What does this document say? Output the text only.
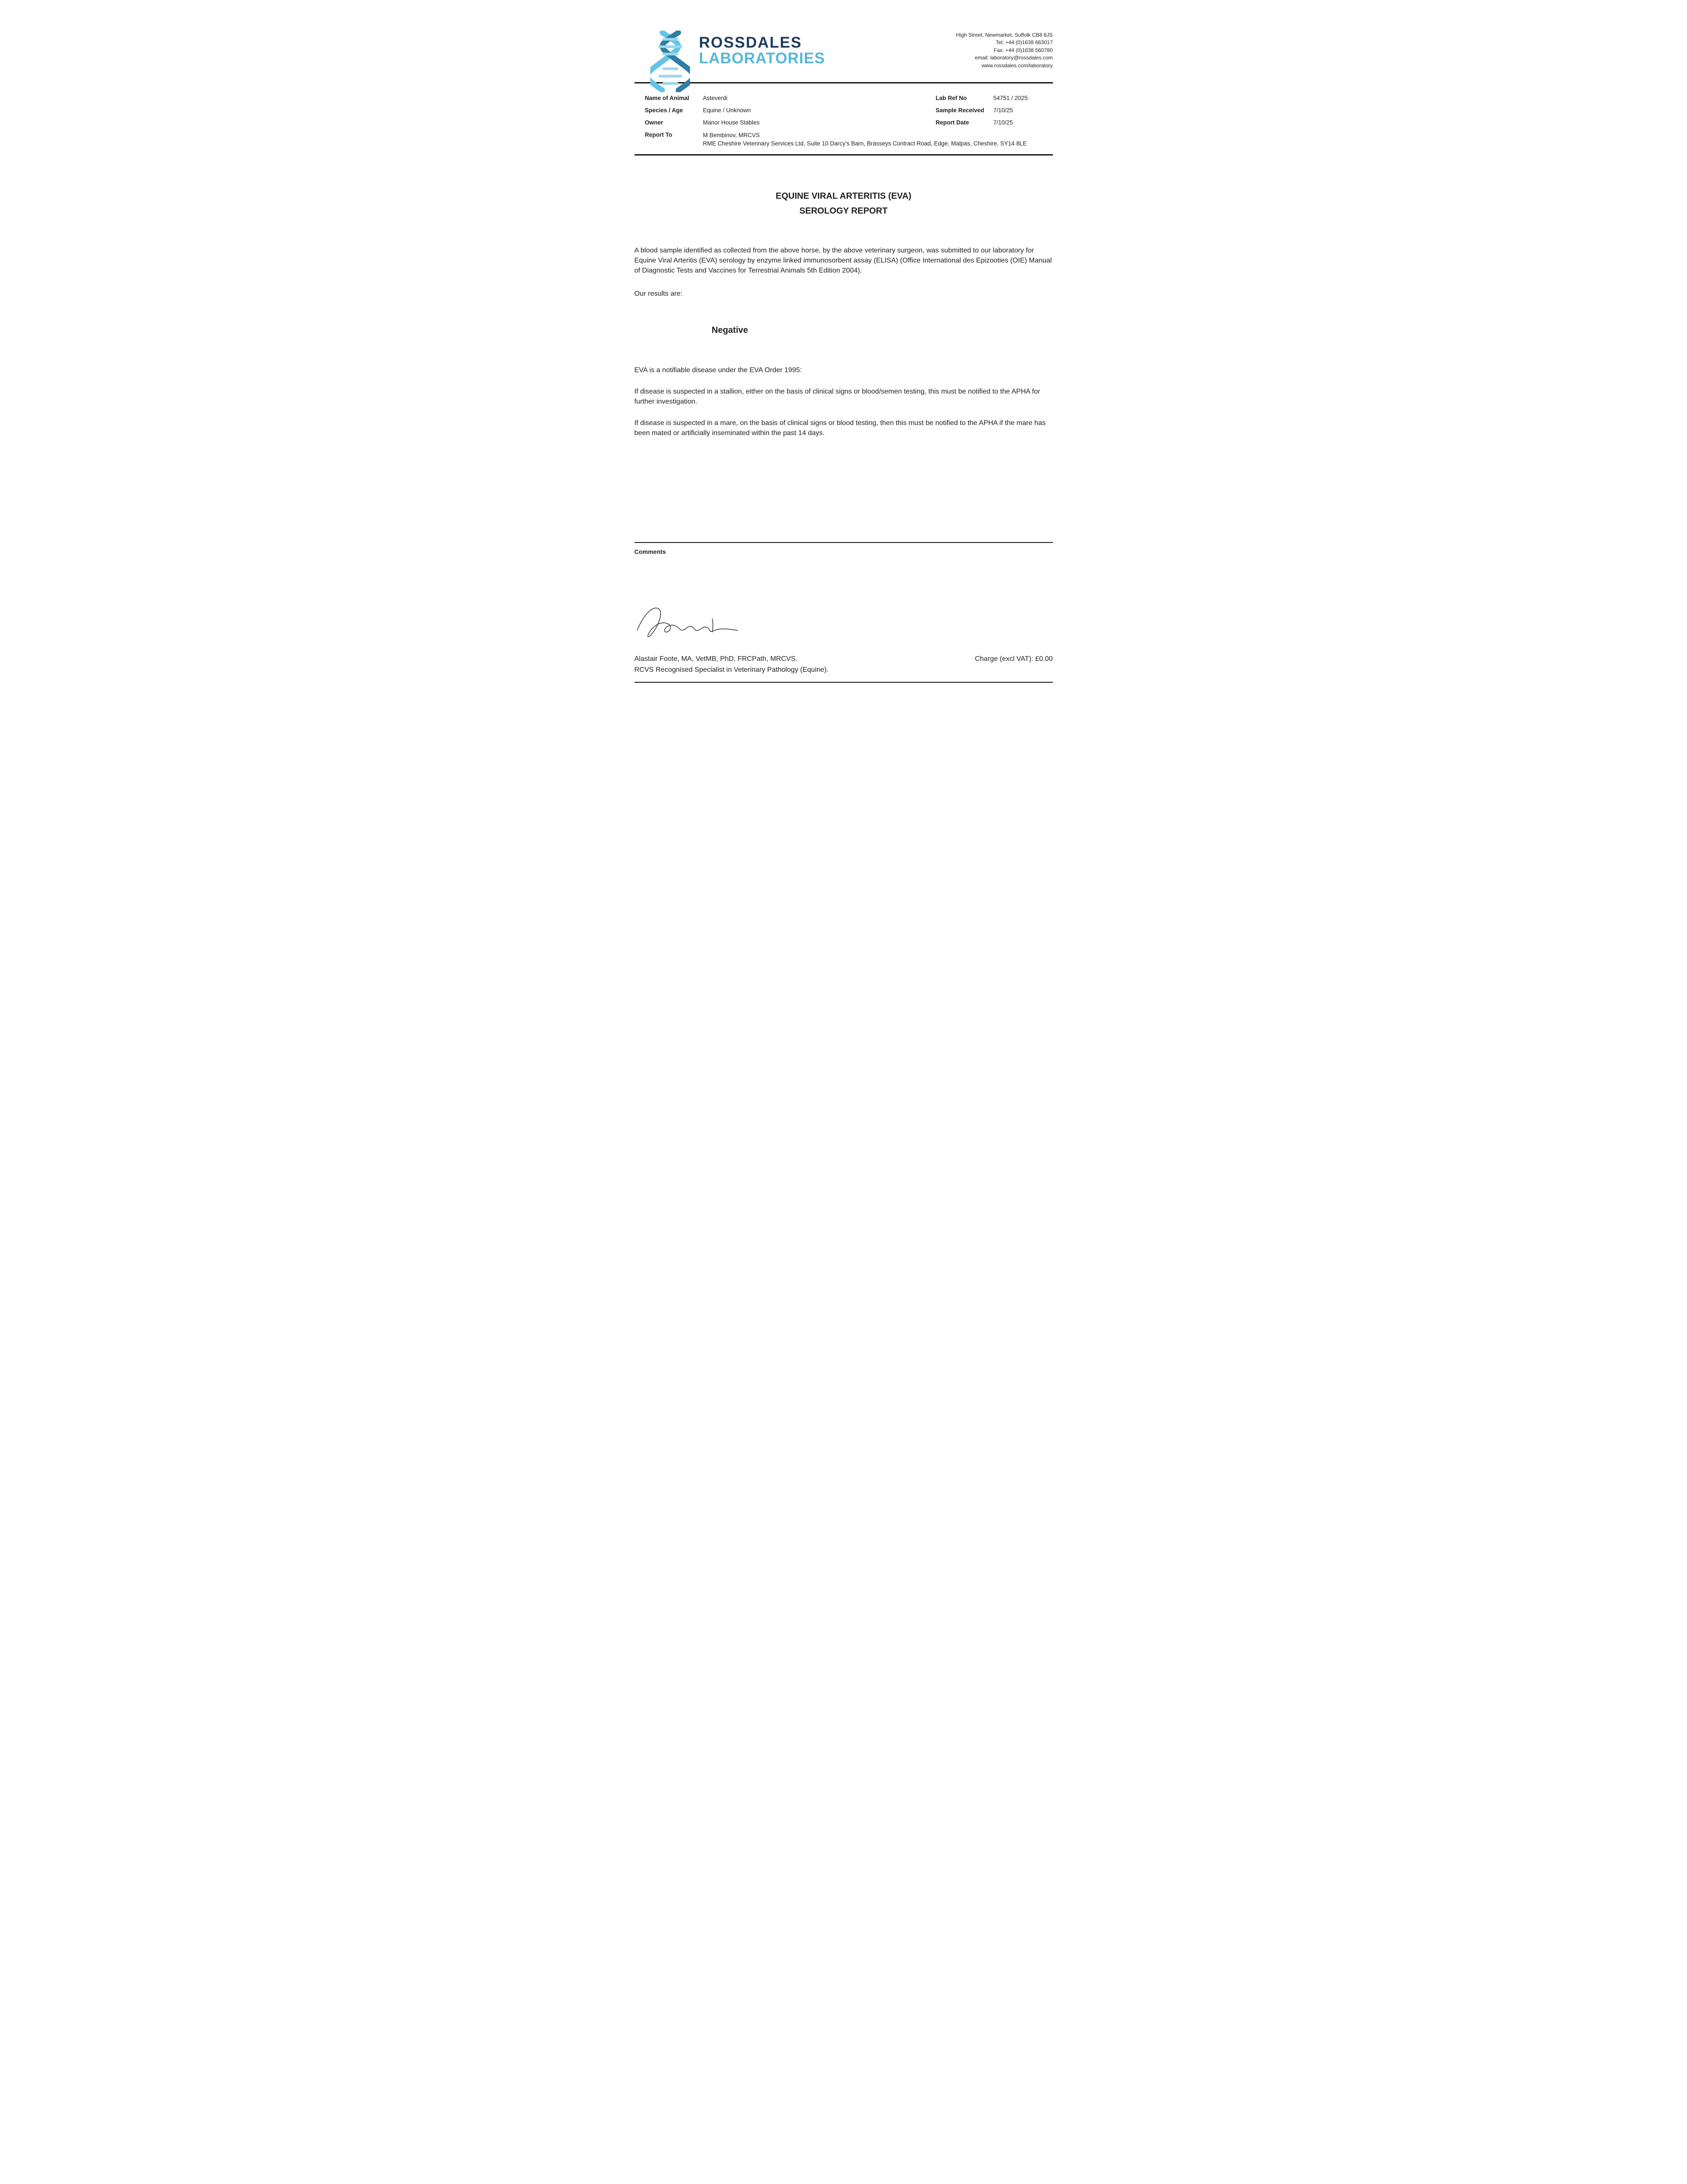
ROSSDALES
LABORATORIES
High Street, Newmarket, Suffolk CB8 8JS
Tel: +44 (0)1638 663017
Fax: +44 (0)1638 560780
email: laboratory@rossdales.com
www.rossdales.com/laboratory
Name of Animal	Asteverdi	Lab Ref No	54751 / 2025
Species / Age	Equine / Unknown	Sample Received	7/10/25
Owner	Manor House Stables	Report Date	7/10/25
Report To	M Bembinov, MRCVS
RME Cheshire Veterinary Services Ltd, Suite 10 Darcy's Barn, Brasseys Contract Road, Edge, Malpas, Cheshire, SY14 8LE
EQUINE VIRAL ARTERITIS (EVA)
SEROLOGY REPORT

A blood sample identified as collected from the above horse, by the above veterinary surgeon, was submitted to our laboratory for Equine Viral Arteritis (EVA) serology by enzyme linked immunosorbent assay (ELISA) (Office International des Epizooties (OIE) Manual of Diagnostic Tests and Vaccines for Terrestrial Animals 5th Edition 2004).

Our results are:

Negative

EVA is a notifiable disease under the EVA Order 1995:

If disease is suspected in a stallion, either on the basis of clinical signs or blood/semen testing, this must be notified to the APHA for further investigation.

If disease is suspected in a mare, on the basis of clinical signs or blood testing, then this must be notified to the APHA if the mare has been mated or artificially inseminated within the past 14 days.

Comments
Alastair Foote, MA, VetMB, PhD, FRCPath, MRCVS.
RCVS Recognised Specialist in Veterinary Pathology (Equine).
Charge (excl VAT): £0.00
